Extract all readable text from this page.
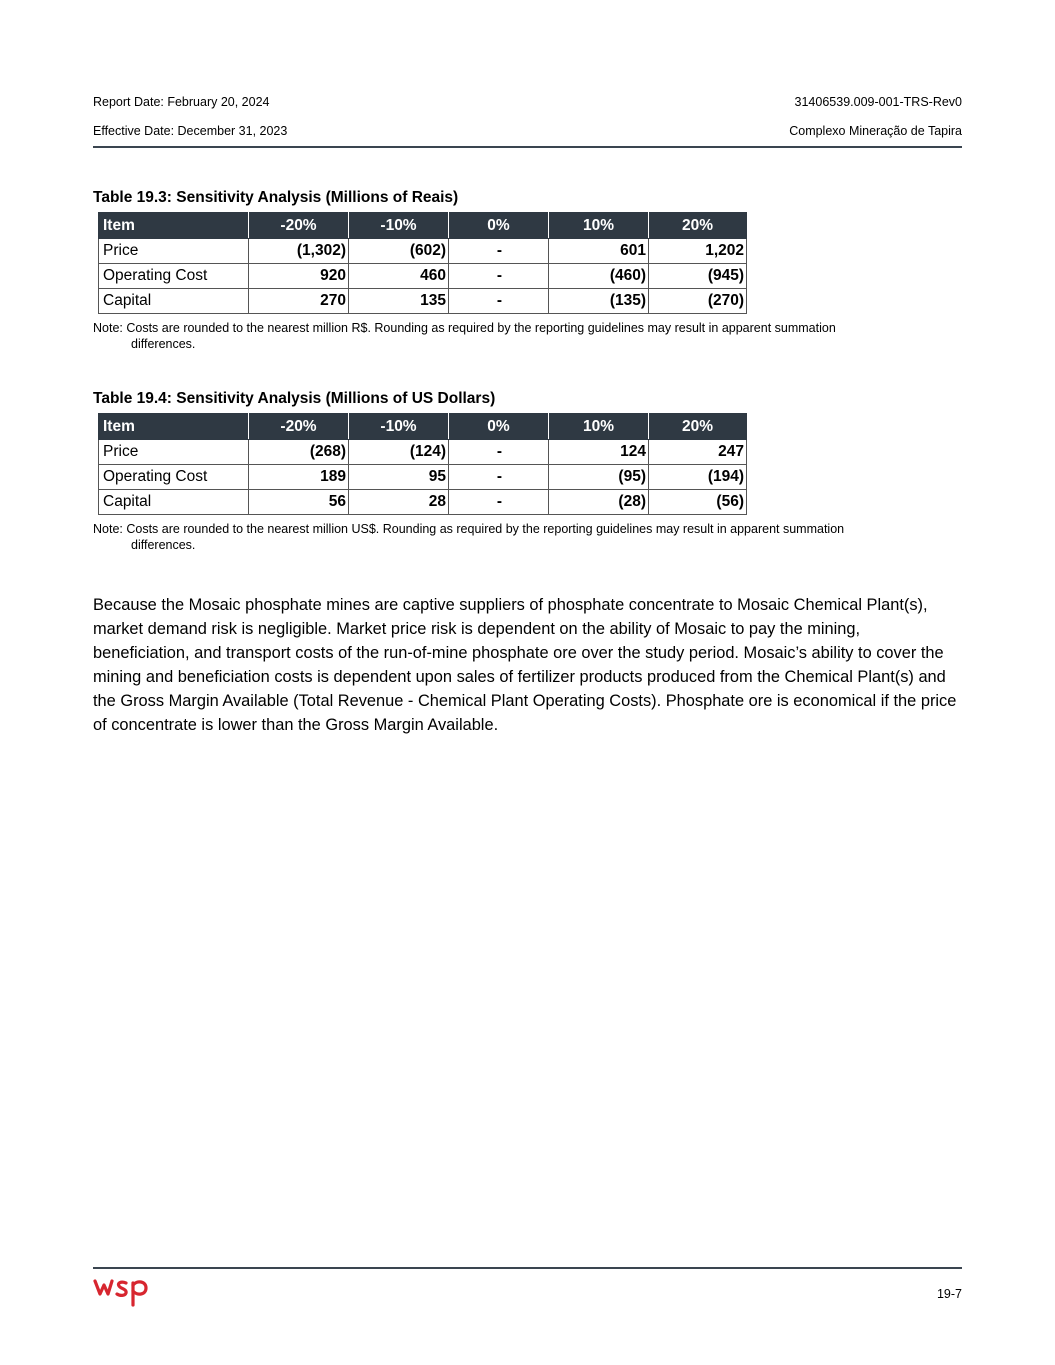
Report Date: February 20, 2024
Effective Date: December 31, 2023
31406539.009-001-TRS-Rev0
Complexo Mineração de Tapira
Table 19.3: Sensitivity Analysis (Millions of Reais)
Item	-20%	-10%	0%	10%	20%
Price	(1,302)	(602)	-	601	1,202
Operating Cost	920	460	-	(460)	(945)
Capital	270	135	-	(135)	(270)
Note: Costs are rounded to the nearest million R$. Rounding as required by the reporting guidelines may result in apparent summation
differences.
Table 19.4: Sensitivity Analysis (Millions of US Dollars)
Item	-20%	-10%	0%	10%	20%
Price	(268)	(124)	-	124	247
Operating Cost	189	95	-	(95)	(194)
Capital	56	28	-	(28)	(56)
Note: Costs are rounded to the nearest million US$. Rounding as required by the reporting guidelines may result in apparent summation
differences.
Because the Mosaic phosphate mines are captive suppliers of phosphate concentrate to Mosaic Chemical Plant(s), market demand risk is negligible. Market price risk is dependent on the ability of Mosaic to pay the mining, beneficiation, and transport costs of the run-of-mine phosphate ore over the study period. Mosaic’s ability to cover the mining and beneficiation costs is dependent upon sales of fertilizer products produced from the Chemical Plant(s) and the Gross Margin Available (Total Revenue - Chemical Plant Operating Costs). Phosphate ore is economical if the price of concentrate is lower than the Gross Margin Available.
19-7
